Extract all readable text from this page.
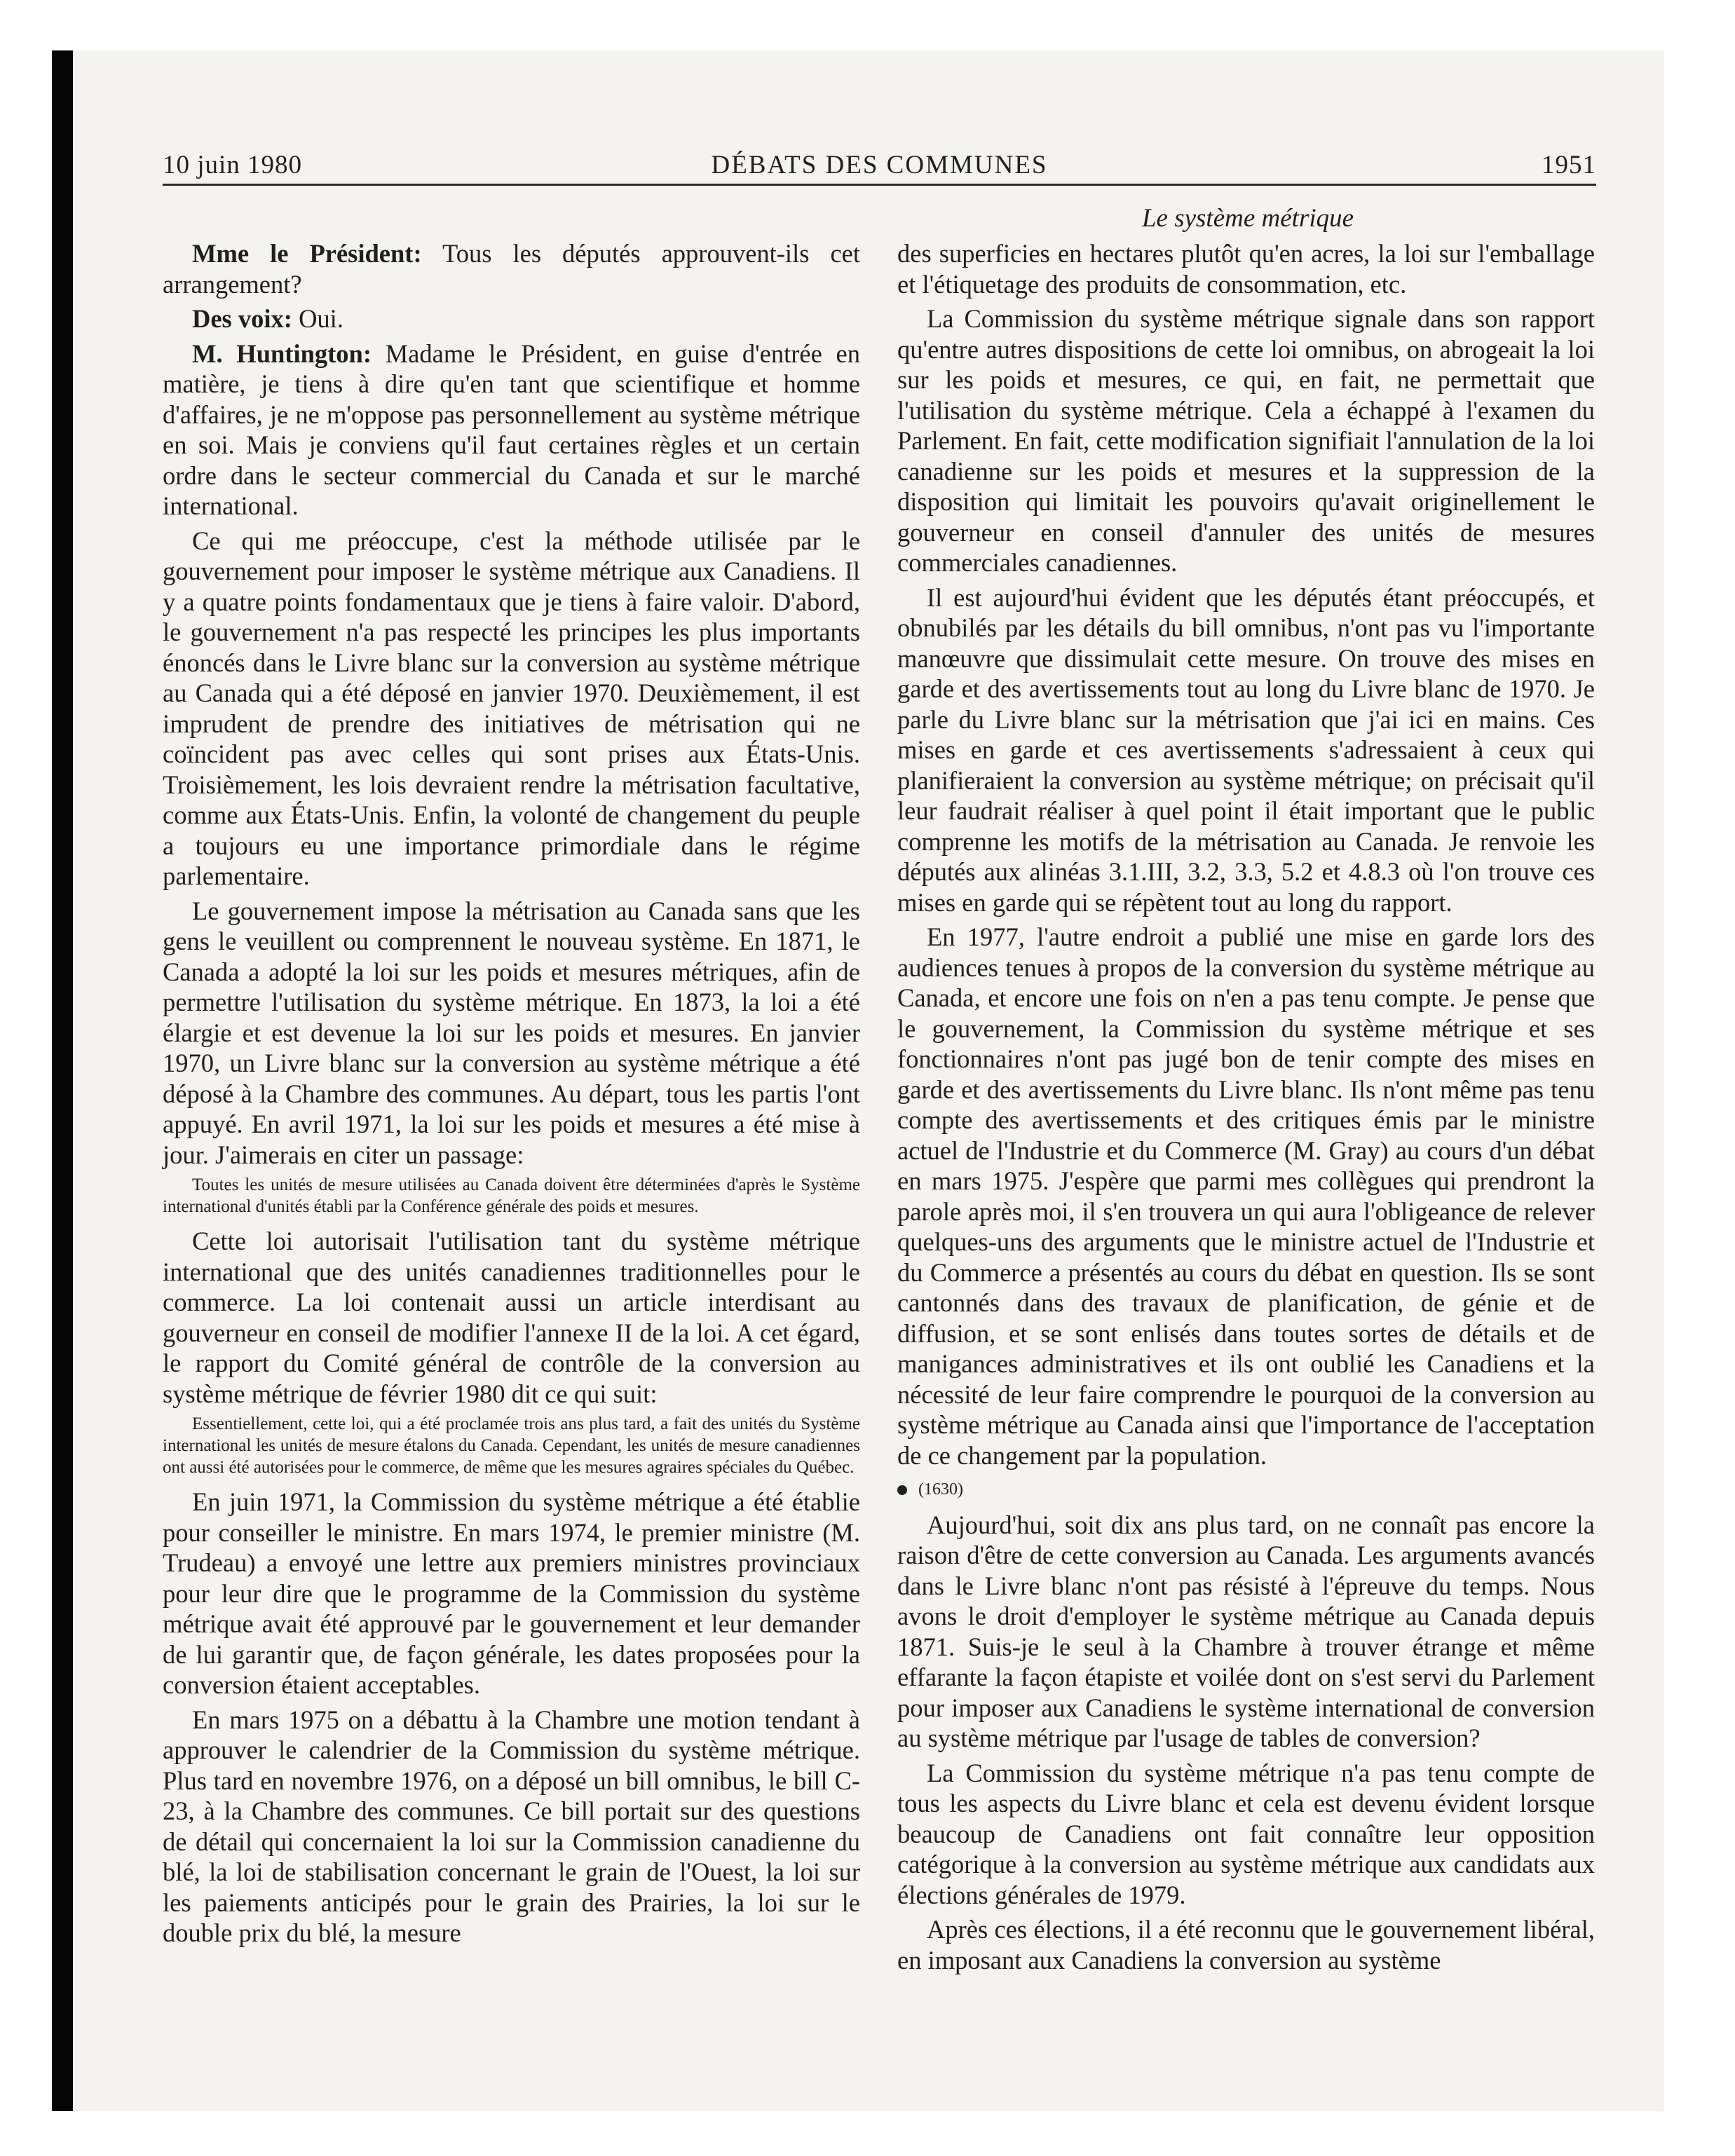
10 juin 1980	DÉBATS DES COMMUNES	1951
Le système métrique

Mme le Président: Tous les députés approuvent-ils cet arrangement?

Des voix: Oui.

M. Huntington: Madame le Président, en guise d'entrée en matière, je tiens à dire qu'en tant que scientifique et homme d'affaires, je ne m'oppose pas personnellement au système métrique en soi. Mais je conviens qu'il faut certaines règles et un certain ordre dans le secteur commercial du Canada et sur le marché international.

Ce qui me préoccupe, c'est la méthode utilisée par le gouvernement pour imposer le système métrique aux Canadiens. Il y a quatre points fondamentaux que je tiens à faire valoir. D'abord, le gouvernement n'a pas respecté les principes les plus importants énoncés dans le Livre blanc sur la conversion au système métrique au Canada qui a été déposé en janvier 1970. Deuxièmement, il est imprudent de prendre des initiatives de métrisation qui ne coïncident pas avec celles qui sont prises aux États-Unis. Troisièmement, les lois devraient rendre la métrisation facultative, comme aux États-Unis. Enfin, la volonté de changement du peuple a toujours eu une importance primordiale dans le régime parlementaire.

Le gouvernement impose la métrisation au Canada sans que les gens le veuillent ou comprennent le nouveau système. En 1871, le Canada a adopté la loi sur les poids et mesures métriques, afin de permettre l'utilisation du système métrique. En 1873, la loi a été élargie et est devenue la loi sur les poids et mesures. En janvier 1970, un Livre blanc sur la conversion au système métrique a été déposé à la Chambre des communes. Au départ, tous les partis l'ont appuyé. En avril 1971, la loi sur les poids et mesures a été mise à jour. J'aimerais en citer un passage:

Toutes les unités de mesure utilisées au Canada doivent être déterminées d'après le Système international d'unités établi par la Conférence générale des poids et mesures.

Cette loi autorisait l'utilisation tant du système métrique international que des unités canadiennes traditionnelles pour le commerce. La loi contenait aussi un article interdisant au gouverneur en conseil de modifier l'annexe II de la loi. A cet égard, le rapport du Comité général de contrôle de la conversion au système métrique de février 1980 dit ce qui suit:

Essentiellement, cette loi, qui a été proclamée trois ans plus tard, a fait des unités du Système international les unités de mesure étalons du Canada. Cependant, les unités de mesure canadiennes ont aussi été autorisées pour le commerce, de même que les mesures agraires spéciales du Québec.

En juin 1971, la Commission du système métrique a été établie pour conseiller le ministre. En mars 1974, le premier ministre (M. Trudeau) a envoyé une lettre aux premiers ministres provinciaux pour leur dire que le programme de la Commission du système métrique avait été approuvé par le gouvernement et leur demander de lui garantir que, de façon générale, les dates proposées pour la conversion étaient acceptables.

En mars 1975 on a débattu à la Chambre une motion tendant à approuver le calendrier de la Commission du système métrique. Plus tard en novembre 1976, on a déposé un bill omnibus, le bill C-23, à la Chambre des communes. Ce bill portait sur des questions de détail qui concernaient la loi sur la Commission canadienne du blé, la loi de stabilisation concernant le grain de l'Ouest, la loi sur les paiements anticipés pour le grain des Prairies, la loi sur le double prix du blé, la mesure

des superficies en hectares plutôt qu'en acres, la loi sur l'emballage et l'étiquetage des produits de consommation, etc.

La Commission du système métrique signale dans son rapport qu'entre autres dispositions de cette loi omnibus, on abrogeait la loi sur les poids et mesures, ce qui, en fait, ne permettait que l'utilisation du système métrique. Cela a échappé à l'examen du Parlement. En fait, cette modification signifiait l'annulation de la loi canadienne sur les poids et mesures et la suppression de la disposition qui limitait les pouvoirs qu'avait originellement le gouverneur en conseil d'annuler des unités de mesures commerciales canadiennes.

Il est aujourd'hui évident que les députés étant préoccupés, et obnubilés par les détails du bill omnibus, n'ont pas vu l'importante manœuvre que dissimulait cette mesure. On trouve des mises en garde et des avertissements tout au long du Livre blanc de 1970. Je parle du Livre blanc sur la métrisation que j'ai ici en mains. Ces mises en garde et ces avertissements s'adressaient à ceux qui planifieraient la conversion au système métrique; on précisait qu'il leur faudrait réaliser à quel point il était important que le public comprenne les motifs de la métrisation au Canada. Je renvoie les députés aux alinéas 3.1.III, 3.2, 3.3, 5.2 et 4.8.3 où l'on trouve ces mises en garde qui se répètent tout au long du rapport.

En 1977, l'autre endroit a publié une mise en garde lors des audiences tenues à propos de la conversion du système métrique au Canada, et encore une fois on n'en a pas tenu compte. Je pense que le gouvernement, la Commission du système métrique et ses fonctionnaires n'ont pas jugé bon de tenir compte des mises en garde et des avertissements du Livre blanc. Ils n'ont même pas tenu compte des avertissements et des critiques émis par le ministre actuel de l'Industrie et du Commerce (M. Gray) au cours d'un débat en mars 1975. J'espère que parmi mes collègues qui prendront la parole après moi, il s'en trouvera un qui aura l'obligeance de relever quelques-uns des arguments que le ministre actuel de l'Industrie et du Commerce a présentés au cours du débat en question. Ils se sont cantonnés dans des travaux de planification, de génie et de diffusion, et se sont enlisés dans toutes sortes de détails et de manigances administratives et ils ont oublié les Canadiens et la nécessité de leur faire comprendre le pourquoi de la conversion au système métrique au Canada ainsi que l'importance de l'acceptation de ce changement par la population.

(1630)

Aujourd'hui, soit dix ans plus tard, on ne connaît pas encore la raison d'être de cette conversion au Canada. Les arguments avancés dans le Livre blanc n'ont pas résisté à l'épreuve du temps. Nous avons le droit d'employer le système métrique au Canada depuis 1871. Suis-je le seul à la Chambre à trouver étrange et même effarante la façon étapiste et voilée dont on s'est servi du Parlement pour imposer aux Canadiens le système international de conversion au système métrique par l'usage de tables de conversion?

La Commission du système métrique n'a pas tenu compte de tous les aspects du Livre blanc et cela est devenu évident lorsque beaucoup de Canadiens ont fait connaître leur opposition catégorique à la conversion au système métrique aux candidats aux élections générales de 1979.

Après ces élections, il a été reconnu que le gouvernement libéral, en imposant aux Canadiens la conversion au système
